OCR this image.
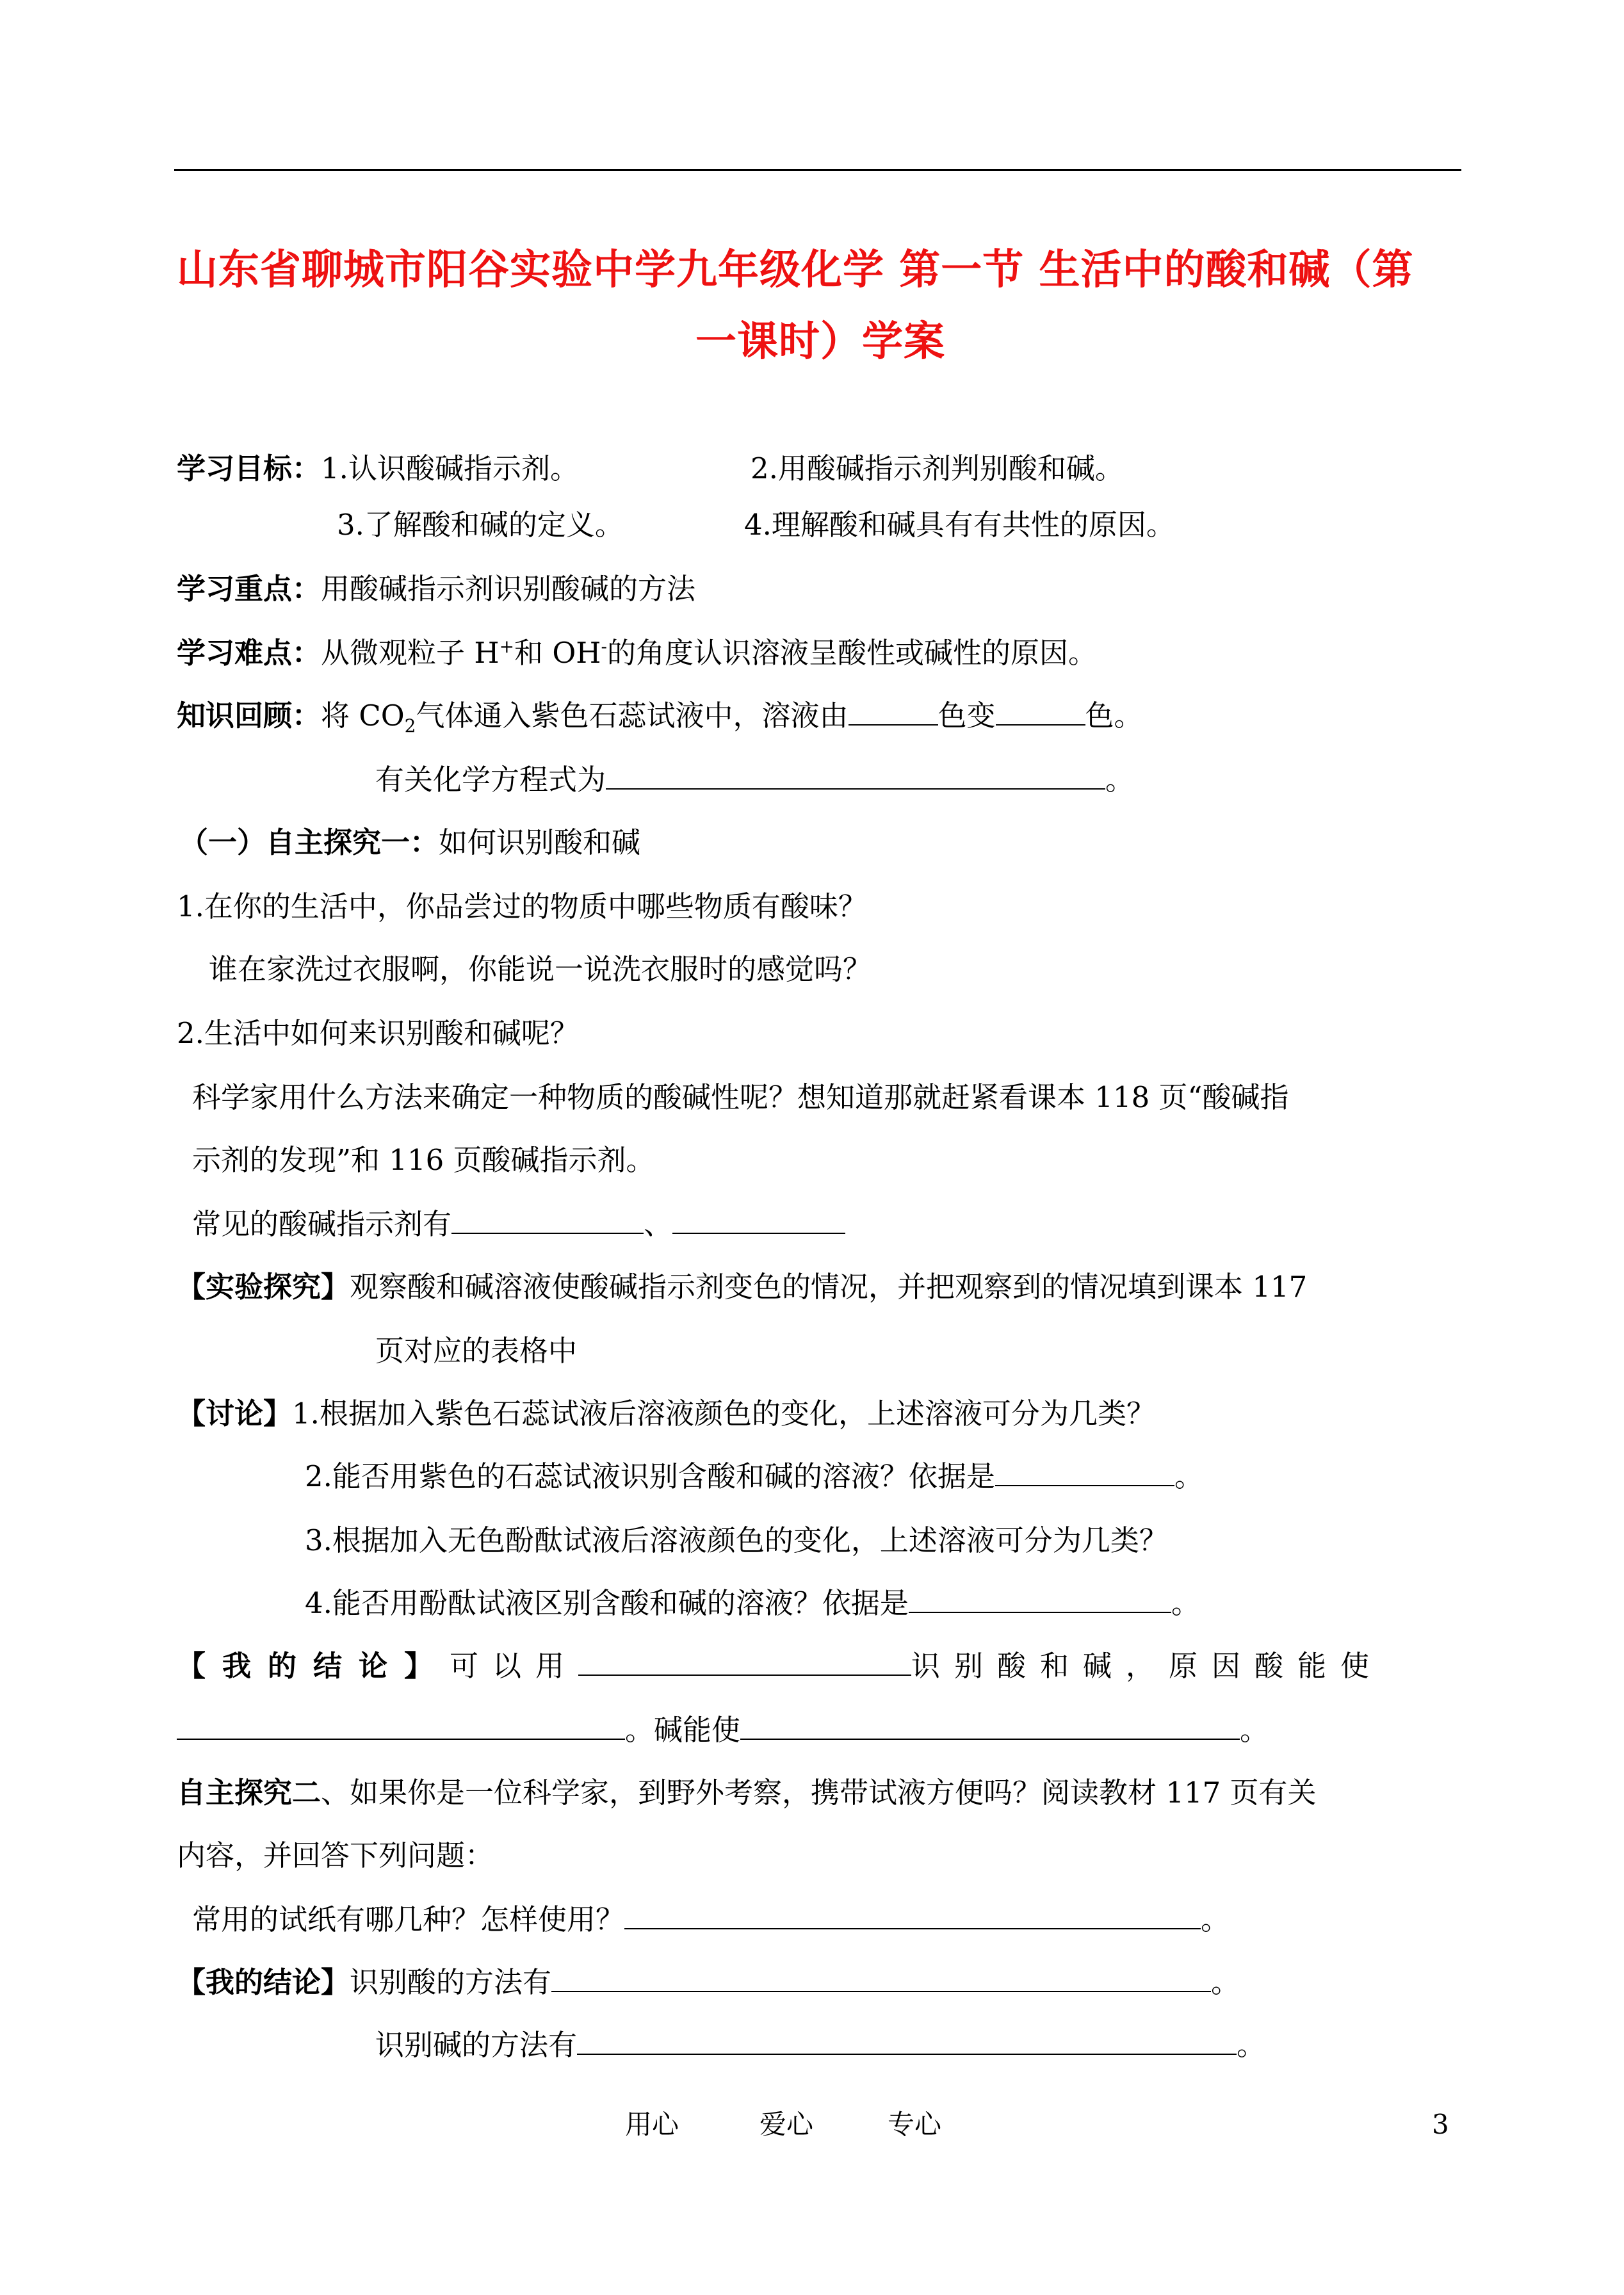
山东省聊城市阳谷实验中学九年级化学 第一节 生活中的酸和碱（第
一课时）学案
学习目标：1.认识酸碱指示剂。	2.用酸碱指示剂判别酸和碱。
3.了解酸和碱的定义。	4.理解酸和碱具有有共性的原因。
学习重点：用酸碱指示剂识别酸碱的方法
学习难点：从微观粒子 H+和 OH-的角度认识溶液呈酸性或碱性的原因。
知识回顾：将 $CO_2$气体通入紫色石蕊试液中，溶液由	色变	色。
有关化学方程式为	。
（一）自主探究一：如何识别酸和碱
1.在你的生活中，你品尝过的物质中哪些物质有酸味？
谁在家洗过衣服啊，你能说一说洗衣服时的感觉吗？
2.生活中如何来识别酸和碱呢？
科学家用什么方法来确定一种物质的酸碱性呢？想知道那就赶紧看课本 118 页“酸碱指
示剂的发现”和 116 页酸碱指示剂。
常见的酸碱指示剂有	、
【实验探究】观察酸和碱溶液使酸碱指示剂变色的情况，并把观察到的情况填到课本 117
页对应的表格中
【讨论】1.根据加入紫色石蕊试液后溶液颜色的变化，上述溶液可分为几类？
2.能否用紫色的石蕊试液识别含酸和碱的溶液？依据是	。
3.根据加入无色酚酞试液后溶液颜色的变化，上述溶液可分为几类？
4.能否用酚酞试液区别含酸和碱的溶液？依据是	。
【我的结论】可以用	识别酸和碱，原因酸能使
。碱能使	。
自主探究二、如果你是一位科学家，到野外考察，携带试液方便吗？阅读教材 117 页有关
内容，并回答下列问题：
常用的试纸有哪几种？怎样使用？	。
【我的结论】识别酸的方法有	。
识别碱的方法有	。
用心	爱心	专心	3
